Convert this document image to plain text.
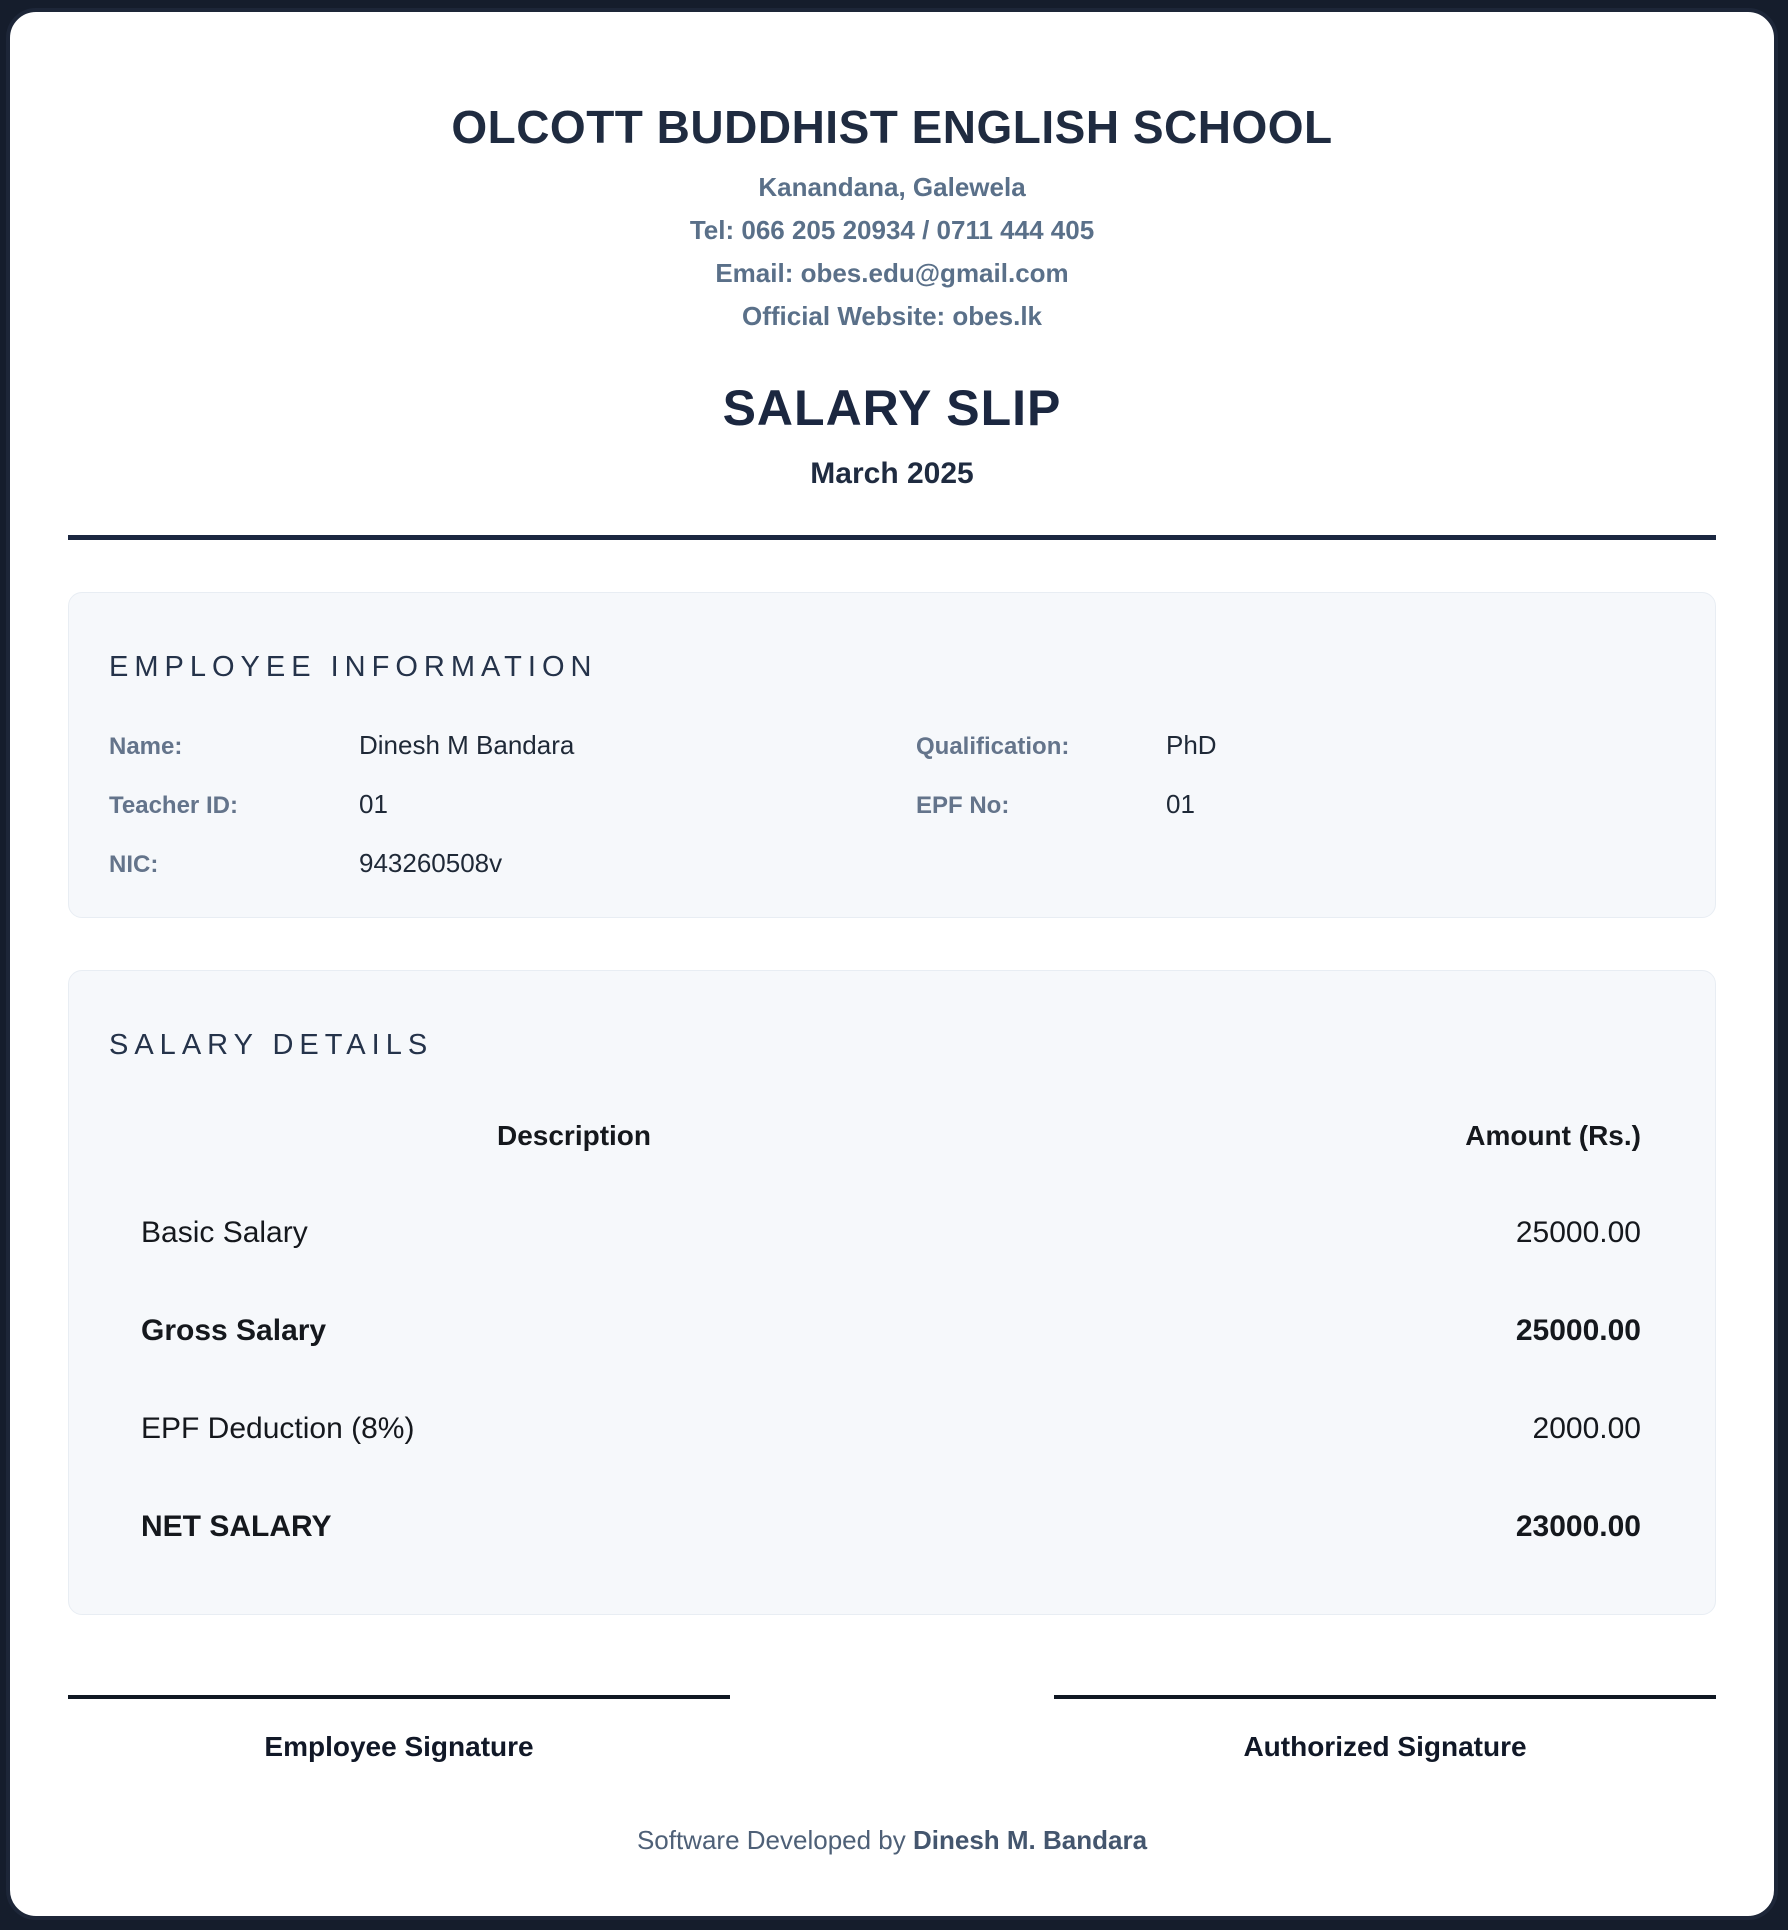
OLCOTT BUDDHIST ENGLISH SCHOOL

Kanandana, Galewela

Tel: 066 205 20934 / 0711 444 405

Email: obes.edu@gmail.com

Official Website: obes.lk

SALARY SLIP

March 2025

EMPLOYEE INFORMATION
Name:	Dinesh M Bandara
Teacher ID:	01
NIC:	943260508v
Qualification:	PhD
EPF No:	01
SALARY DETAILS
Description	Amount (Rs.)
Basic Salary	25000.00
Gross Salary	25000.00
EPF Deduction (8%)	2000.00
NET SALARY	23000.00
Employee Signature	Authorized Signature
Software Developed by Dinesh M. Bandara
